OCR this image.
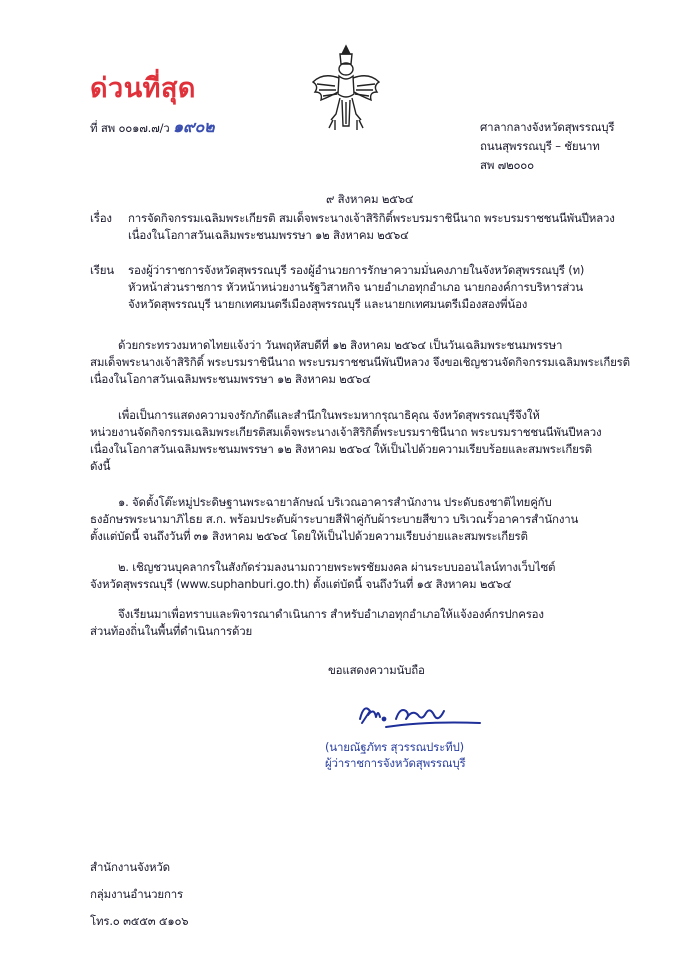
ด่วนที่สุด
ที่ สพ ๐๐๑๗.๗/ว ๑๙๐๒	ศาลากลางจังหวัดสุพรรณบุรี
ถนนสุพรรณบุรี – ชัยนาท
สพ ๗๒๐๐๐
๙ สิงหาคม ๒๕๖๔
เรื่อง การจัดกิจกรรมเฉลิมพระเกียรติ สมเด็จพระนางเจ้าสิริกิติ์พระบรมราชินีนาถ พระบรมราชชนนีพันปีหลวง
เนื่องในโอกาสวันเฉลิมพระชนมพรรษา ๑๒ สิงหาคม ๒๕๖๔
เรียน รองผู้ว่าราชการจังหวัดสุพรรณบุรี รองผู้อำนวยการรักษาความมั่นคงภายในจังหวัดสุพรรณบุรี (ท)
หัวหน้าส่วนราชการ หัวหน้าหน่วยงานรัฐวิสาหกิจ นายอำเภอทุกอำเภอ นายกองค์การบริหารส่วน
จังหวัดสุพรรณบุรี นายกเทศมนตรีเมืองสุพรรณบุรี และนายกเทศมนตรีเมืองสองพี่น้อง
ด้วยกระทรวงมหาดไทยแจ้งว่า วันพฤหัสบดีที่ ๑๒ สิงหาคม ๒๕๖๔ เป็นวันเฉลิมพระชนมพรรษา
สมเด็จพระนางเจ้าสิริกิติ์ พระบรมราชินีนาถ พระบรมราชชนนีพันปีหลวง จึงขอเชิญชวนจัดกิจกรรมเฉลิมพระเกียรติ
เนื่องในโอกาสวันเฉลิมพระชนมพรรษา ๑๒ สิงหาคม ๒๕๖๔
เพื่อเป็นการแสดงความจงรักภักดีและสำนึกในพระมหากรุณาธิคุณ จังหวัดสุพรรณบุรีจึงให้
หน่วยงานจัดกิจกรรมเฉลิมพระเกียรติสมเด็จพระนางเจ้าสิริกิติ์พระบรมราชินีนาถ พระบรมราชชนนีพันปีหลวง
เนื่องในโอกาสวันเฉลิมพระชนมพรรษา ๑๒ สิงหาคม ๒๕๖๔ ให้เป็นไปด้วยความเรียบร้อยและสมพระเกียรติ
ดังนี้
๑. จัดตั้งโต๊ะหมู่ประดิษฐานพระฉายาลักษณ์ บริเวณอาคารสำนักงาน ประดับธงชาติไทยคู่กับ
ธงอักษรพระนามาภิไธย ส.ก. พร้อมประดับผ้าระบายสีฟ้าคู่กับผ้าระบายสีขาว บริเวณรั้วอาคารสำนักงาน
ตั้งแต่บัดนี้ จนถึงวันที่ ๓๑ สิงหาคม ๒๕๖๔ โดยให้เป็นไปด้วยความเรียบง่ายและสมพระเกียรติ
๒. เชิญชวนบุคลากรในสังกัดร่วมลงนามถวายพระพรชัยมงคล ผ่านระบบออนไลน์ทางเว็บไซต์
จังหวัดสุพรรณบุรี (www.suphanburi.go.th) ตั้งแต่บัดนี้ จนถึงวันที่ ๑๕ สิงหาคม ๒๕๖๔
จึงเรียนมาเพื่อทราบและพิจารณาดำเนินการ สำหรับอำเภอทุกอำเภอให้แจ้งองค์กรปกครอง
ส่วนท้องถิ่นในพื้นที่ดำเนินการด้วย
ขอแสดงความนับถือ
(นายณัฐภัทร สุวรรณประทีป)
ผู้ว่าราชการจังหวัดสุพรรณบุรี
สำนักงานจังหวัด
กลุ่มงานอำนวยการ
โทร.๐ ๓๕๕๓ ๕๑๐๖
